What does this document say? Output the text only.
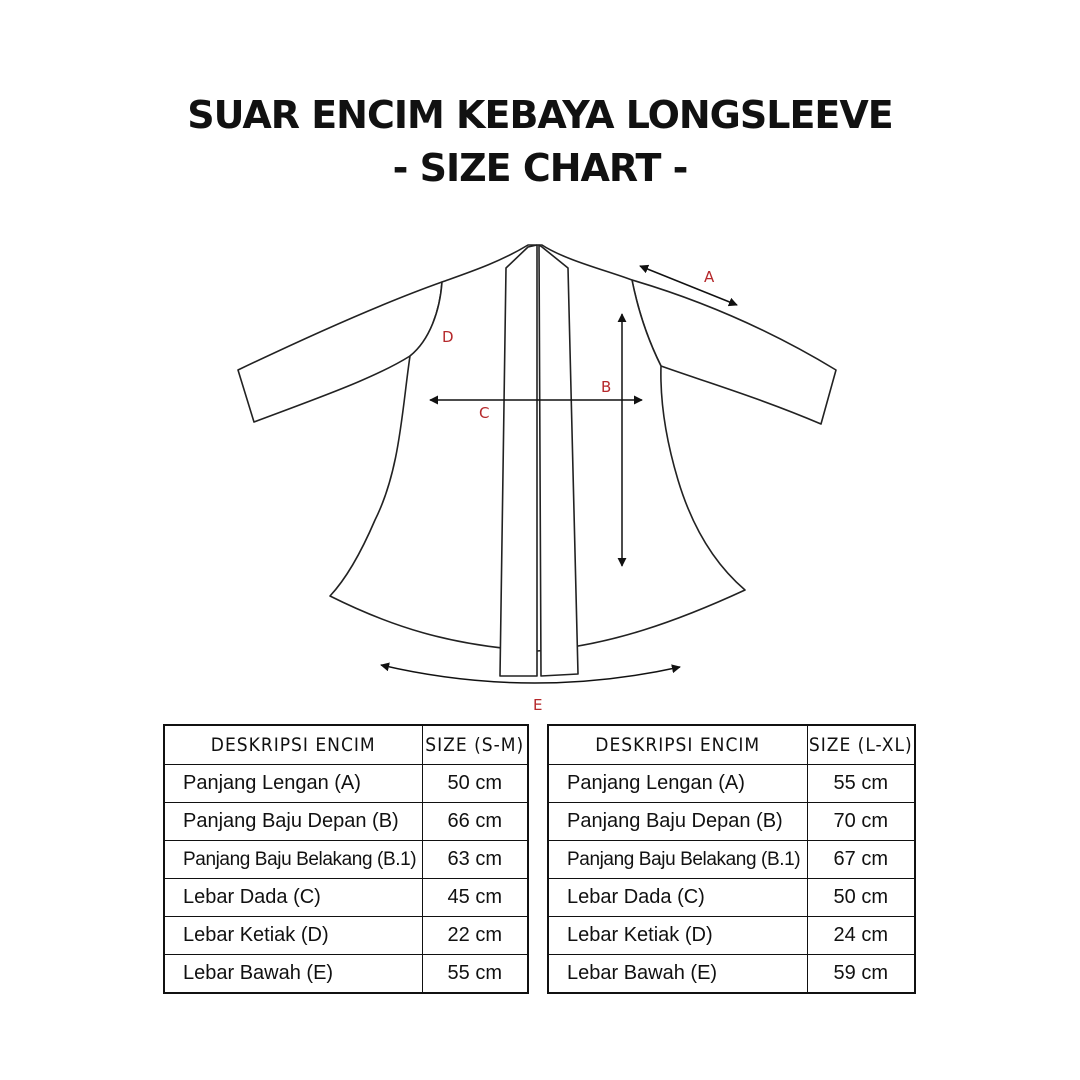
SUAR ENCIM KEBAYA LONGSLEEVE
- SIZE CHART -
A
B
C
D
E
DESKRIPSI ENCIM	SIZE (S-M)
Panjang Lengan (A)	50 cm
Panjang Baju Depan (B)	66 cm
Panjang Baju Belakang (B.1)	63 cm
Lebar Dada (C)	45 cm
Lebar Ketiak (D)	22 cm
Lebar Bawah (E)	55 cm
DESKRIPSI ENCIM	SIZE (L-XL)
Panjang Lengan (A)	55 cm
Panjang Baju Depan (B)	70 cm
Panjang Baju Belakang (B.1)	67 cm
Lebar Dada (C)	50 cm
Lebar Ketiak (D)	24 cm
Lebar Bawah (E)	59 cm
